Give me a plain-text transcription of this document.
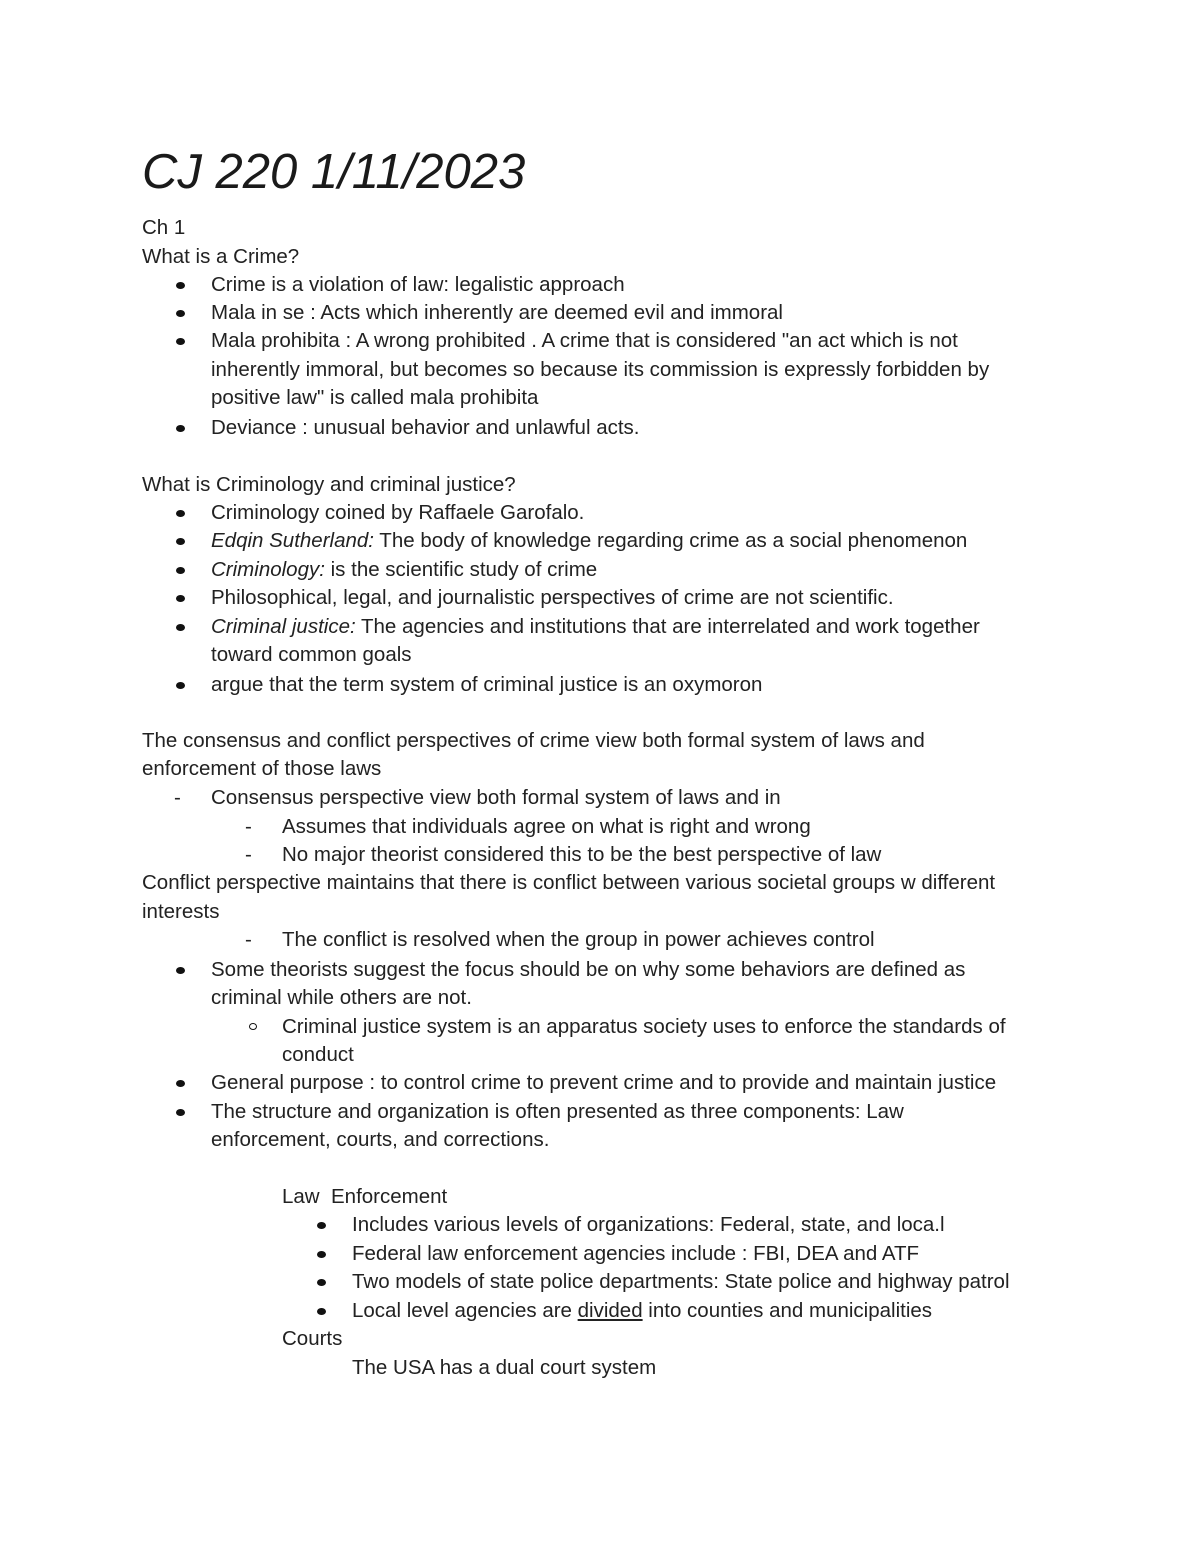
CJ 220 1/11/2023
Ch 1
What is a Crime?
Crime is a violation of law: legalistic approach
Mala in se : Acts which inherently are deemed evil and immoral
Mala prohibita : A wrong prohibited . A crime that is considered "an act which is not
inherently immoral, but becomes so because its commission is expressly forbidden by
positive law" is called mala prohibita
Deviance : unusual behavior and unlawful acts.
What is Criminology and criminal justice?
Criminology coined by Raffaele Garofalo.
Edqin Sutherland: The body of knowledge regarding crime as a social phenomenon
Criminology: is the scientific study of crime
Philosophical, legal, and journalistic perspectives of crime are not scientific.
Criminal justice: The agencies and institutions that are interrelated and work together
toward common goals
argue that the term system of criminal justice is an oxymoron
The consensus and conflict perspectives of crime view both formal system of laws and
enforcement of those laws
- Consensus perspective view both formal system of laws and in
- Assumes that individuals agree on what is right and wrong
- No major theorist considered this to be the best perspective of law
Conflict perspective maintains that there is conflict between various societal groups w different
interests
- The conflict is resolved when the group in power achieves control
Some theorists suggest the focus should be on why some behaviors are defined as
criminal while others are not.
Criminal justice system is an apparatus society uses to enforce the standards of
conduct
General purpose : to control crime to prevent crime and to provide and maintain justice
The structure and organization is often presented as three components: Law
enforcement, courts, and corrections.
Law  Enforcement
Includes various levels of organizations: Federal, state, and loca.l
Federal law enforcement agencies include : FBI, DEA and ATF
Two models of state police departments: State police and highway patrol
Local level agencies are divided into counties and municipalities
Courts
The USA has a dual court system
